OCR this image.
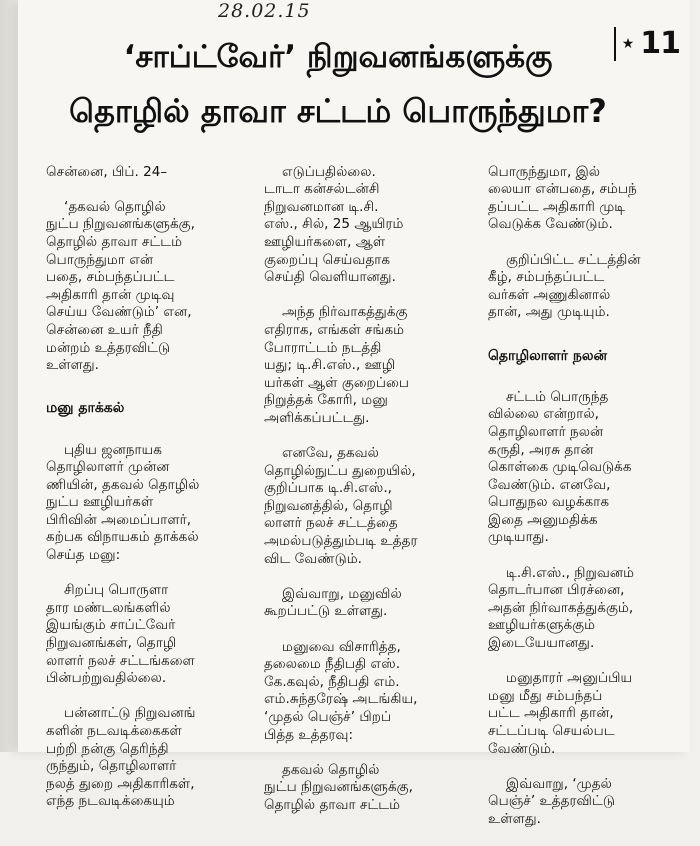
28.02.15
★ 11
‘சாப்ட்வேர்’ நிறுவனங்களுக்கு
தொழில் தாவா சட்டம் பொருந்துமா?

சென்னை, பிப். 24–

‘தகவல் தொழில்
நுட்ப நிறுவனங்களுக்கு,
தொழில் தாவா சட்டம்
பொருந்துமா என்
பதை, சம்பந்தப்பட்ட
அதிகாரி தான் முடிவு
செய்ய வேண்டும்’ என,
சென்னை உயர் நீதி
மன்றம் உத்தரவிட்டு
உள்ளது.

மனு தாக்கல்

புதிய ஜனநாயக
தொழிலாளர் முன்ன
ணியின், தகவல் தொழில்
நுட்ப ஊழியர்கள்
பிரிவின் அமைப்பாளர்,
கற்பக விநாயகம் தாக்கல்
செய்த மனு:

சிறப்பு பொருளா
தார மண்டலங்களில்
இயங்கும் சாப்ட்வேர்
நிறுவனங்கள், தொழி
லாளர் நலச் சட்டங்களை
பின்பற்றுவதில்லை.

பன்னாட்டு நிறுவனங்
களின் நடவடிக்கைகள்
பற்றி நன்கு தெரிந்தி
ருந்தும், தொழிலாளர்
நலத் துறை அதிகாரிகள்,
எந்த நடவடிக்கையும்

எடுப்பதில்லை.
டாடா கன்சல்டன்சி
நிறுவனமான டி.சி.
எஸ்., சில், 25 ஆயிரம்
ஊழியர்களை, ஆள்
குறைப்பு செய்வதாக
செய்தி வெளியானது.

அந்த நிர்வாகத்துக்கு
எதிராக, எங்கள் சங்கம்
போராட்டம் நடத்தி
யது; டி.சி.எஸ்., ஊழி
யர்கள் ஆள் குறைப்பை
நிறுத்தக் கோரி, மனு
அளிக்கப்பட்டது.

எனவே, தகவல்
தொழில்நுட்ப துறையில்,
குறிப்பாக டி.சி.எஸ்.,
நிறுவனத்தில், தொழி
லாளர் நலச் சட்டத்தை
அமல்படுத்தும்படி உத்தர
விட வேண்டும்.

இவ்வாறு, மனுவில்
கூறப்பட்டு உள்ளது.

மனுவை விசாரித்த,
தலைமை நீதிபதி எஸ்.
கே.கவுல், நீதிபதி எம்.
எம்.சுந்தரேஷ் அடங்கிய,
‘முதல் பெஞ்ச்’ பிறப்
பித்த உத்தரவு:

தகவல் தொழில்
நுட்ப நிறுவனங்களுக்கு,
தொழில் தாவா சட்டம்

பொருந்துமா, இல்
லையா என்பதை, சம்பந்
தப்பட்ட அதிகாரி முடி
வெடுக்க வேண்டும்.

குறிப்பிட்ட சட்டத்தின்
கீழ், சம்பந்தப்பட்ட
வர்கள் அணுகினால்
தான், அது முடியும்.

தொழிலாளர் நலன்

சட்டம் பொருந்த
வில்லை என்றால்,
தொழிலாளர் நலன்
கருதி, அரசு தான்
கொள்கை முடிவெடுக்க
வேண்டும். எனவே,
பொதுநல வழக்காக
இதை அனுமதிக்க
முடியாது.

டி.சி.எஸ்., நிறுவனம்
தொடர்பான பிரச்னை,
அதன் நிர்வாகத்துக்கும்,
ஊழியர்களுக்கும்
இடையேயானது.

மனுதாரர் அனுப்பிய
மனு மீது சம்பந்தப்
பட்ட அதிகாரி தான்,
சட்டப்படி செயல்பட
வேண்டும்.

இவ்வாறு, ‘முதல்
பெஞ்ச்’ உத்தரவிட்டு
உள்ளது.
